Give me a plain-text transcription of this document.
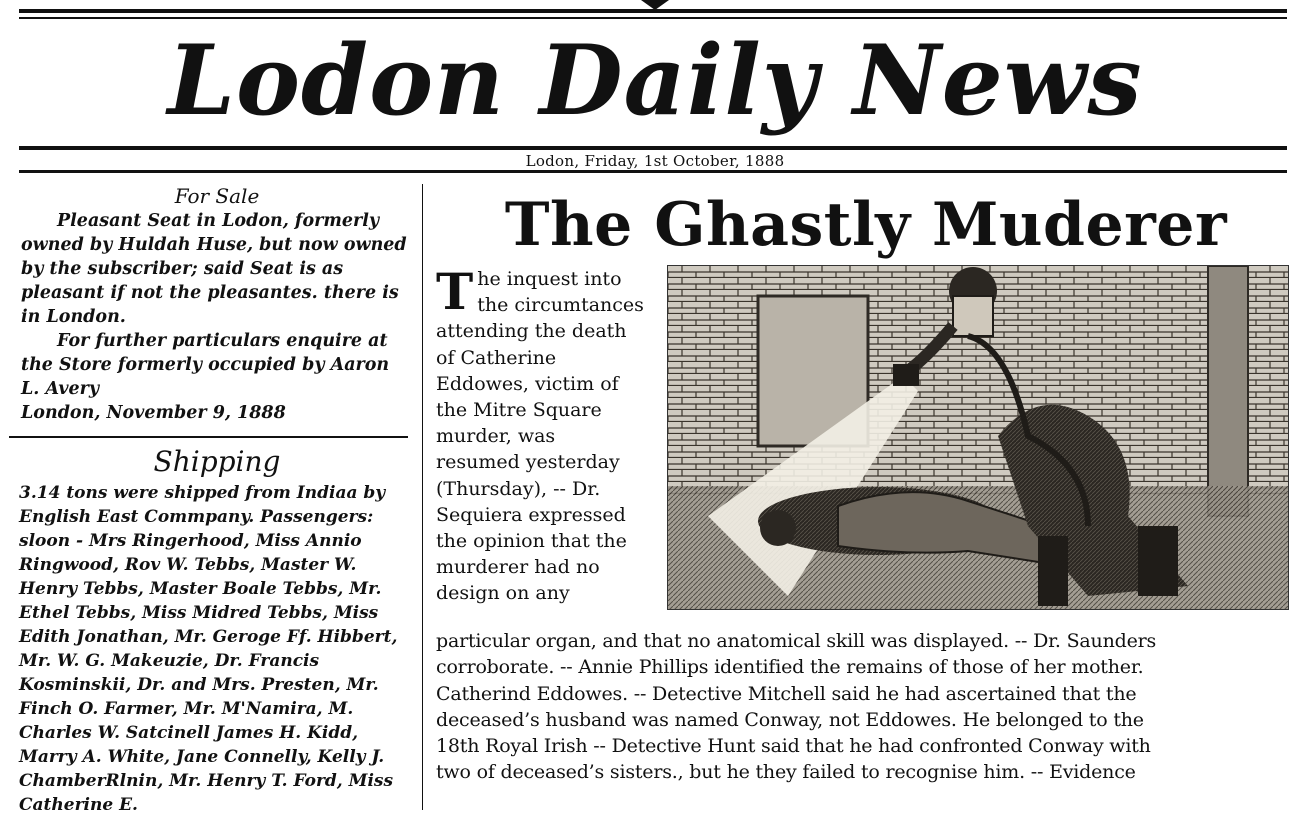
Lodon Daily News
Lodon, Friday, 1st October, 1888
For Sale

Pleasant Seat in Lodon, formerly owned by Huldah Huse, but now owned by the subscriber; said Seat is as pleasant if not the pleasantes. there is in London.

For further particulars enquire at the Store formerly occupied by Aaron L. Avery

London, November 9, 1888

Shipping

3.14 tons were shipped from Indiaa by English East Commpany. Passengers: sloon - Mrs Ringerhood, Miss Annio Ringwood, Rov W. Tebbs, Master W. Henry Tebbs, Master Boale Tebbs, Mr. Ethel Tebbs, Miss Midred Tebbs, Miss Edith Jonathan, Mr. Geroge Ff. Hibbert, Mr. W. G. Makeuzie, Dr. Francis Kosminskii, Dr. and Mrs. Presten, Mr. Finch O. Farmer, Mr. M'Namira, M. Charles W. Satcinell James H. Kidd, Marry A. White, Jane Connelly, Kelly J. ChamberRlnin, Mr. Henry T. Ford, Miss Catherine E.

The Ghastly Muderer
T he inquest into
the circumtances
attending the death
of Catherine
Eddowes, victim of
the Mitre Square
murder, was
resumed yesterday
(Thursday), -- Dr.
Sequiera expressed
the opinion that the
murderer had no
design on any
particular organ, and that no anatomical skill was displayed. -- Dr. Saunders
corroborate. -- Annie Phillips identified the remains of those of her mother.
Catherind Eddowes. -- Detective Mitchell said he had ascertained that the
deceased’s husband was named Conway, not Eddowes. He belonged to the
18th Royal Irish -- Detective Hunt said that he had confronted Conway with
two of deceased’s sisters., but he they failed to recognise him. -- Evidence
